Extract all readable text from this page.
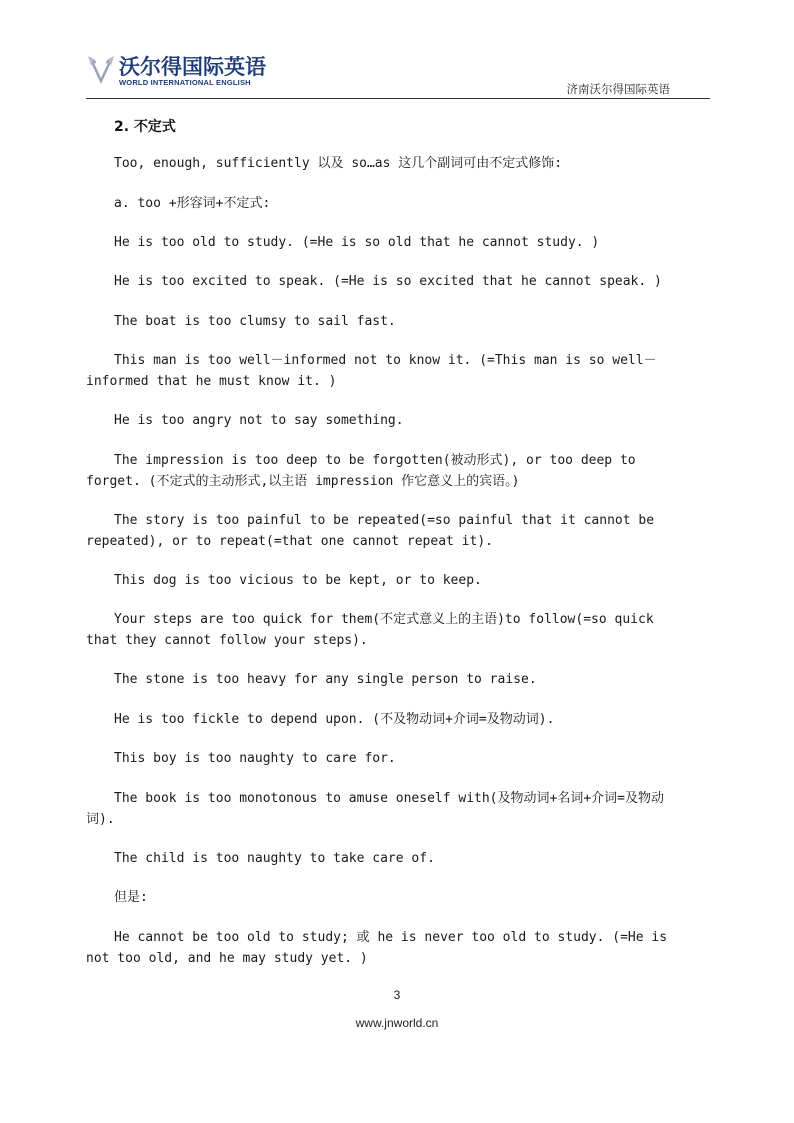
沃尔得国际英语
WORLD INTERNATIONAL ENGLISH	济南沃尔得国际英语
2. 不定式
Too, enough, sufficiently 以及 so…as 这几个副词可由不定式修饰:
a. too +形容词+不定式:
He is too old to study. (=He is so old that he cannot study. )
He is too excited to speak. (=He is so excited that he cannot speak. )
The boat is too clumsy to sail fast.
This man is too well－informed not to know it. (=This man is so well－informed that he must know it. )
He is too angry not to say something.
The impression is too deep to be forgotten(被动形式), or too deep to forget. (不定式的主动形式,以主语 impression 作它意义上的宾语。)
The story is too painful to be repeated(=so painful that it cannot be repeated), or to repeat(=that one cannot repeat it).
This dog is too vicious to be kept, or to keep.
Your steps are too quick for them(不定式意义上的主语)to follow(=so quick that they cannot follow your steps).
The stone is too heavy for any single person to raise.
He is too fickle to depend upon. (不及物动词+介词=及物动词).
This boy is too naughty to care for.
The book is too monotonous to amuse oneself with(及物动词+名词+介词=及物动词).
The child is too naughty to take care of.
但是:
He cannot be too old to study; 或 he is never too old to study. (=He is not too old, and he may study yet. )
3
www.jnworld.cn
